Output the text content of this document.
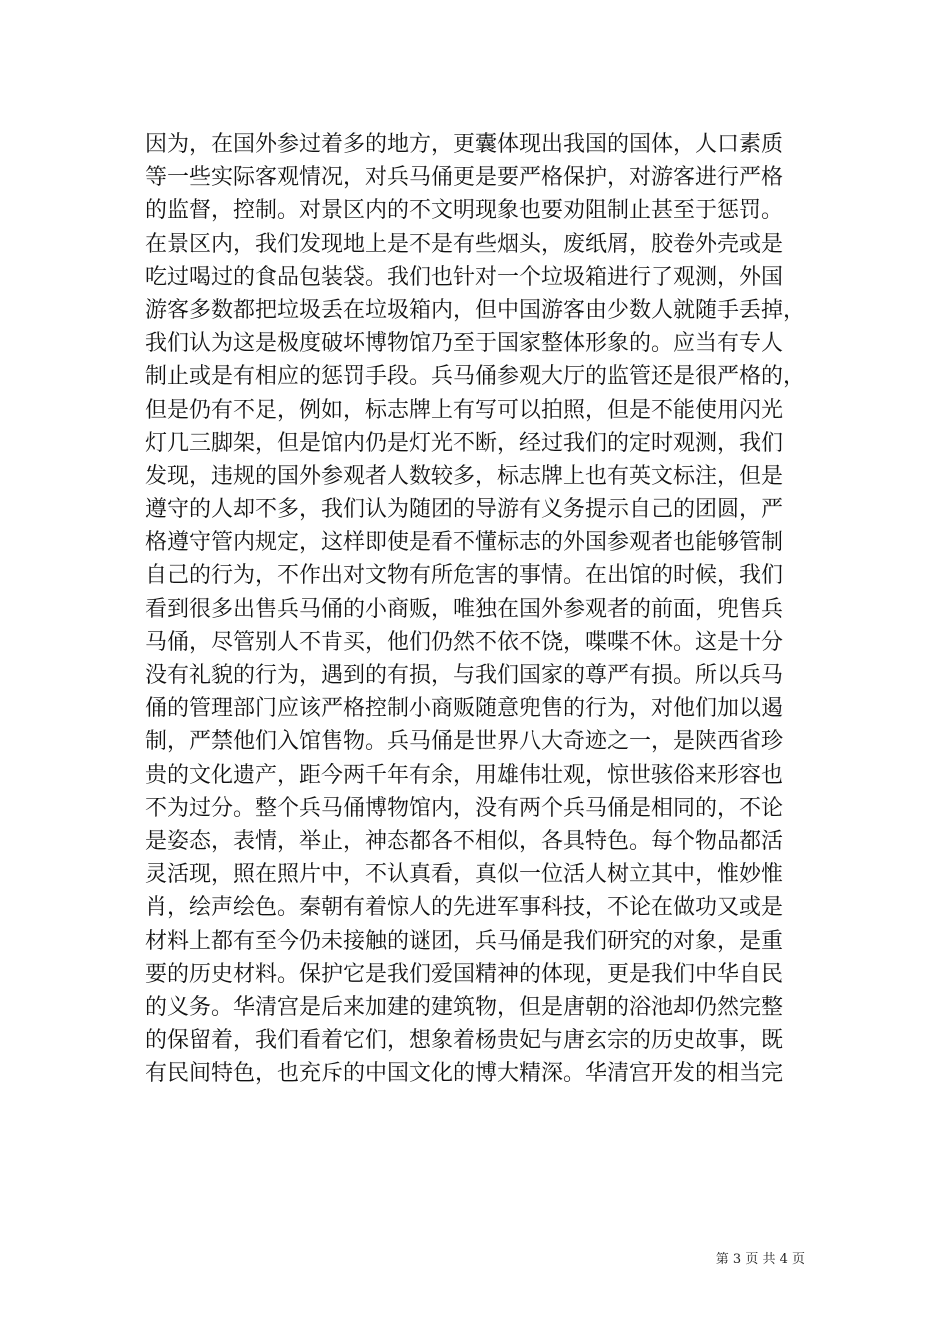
因为，在国外参过着多的地方，更囊体现出我国的国体，人口素质
等一些实际客观情况，对兵马俑更是要严格保护，对游客进行严格
的监督，控制。对景区内的不文明现象也要劝阻制止甚至于惩罚。
在景区内，我们发现地上是不是有些烟头，废纸屑，胶卷外壳或是
吃过喝过的食品包装袋。我们也针对一个垃圾箱进行了观测，外国
游客多数都把垃圾丢在垃圾箱内，但中国游客由少数人就随手丢掉，
我们认为这是极度破坏博物馆乃至于国家整体形象的。应当有专人
制止或是有相应的惩罚手段。兵马俑参观大厅的监管还是很严格的，
但是仍有不足，例如，标志牌上有写可以拍照，但是不能使用闪光
灯几三脚架，但是馆内仍是灯光不断，经过我们的定时观测，我们
发现，违规的国外参观者人数较多，标志牌上也有英文标注，但是
遵守的人却不多，我们认为随团的导游有义务提示自己的团圆，严
格遵守管内规定，这样即使是看不懂标志的外国参观者也能够管制
自己的行为，不作出对文物有所危害的事情。在出馆的时候，我们
看到很多出售兵马俑的小商贩，唯独在国外参观者的前面，兜售兵
马俑，尽管别人不肯买，他们仍然不依不饶，喋喋不休。这是十分
没有礼貌的行为，遇到的有损，与我们国家的尊严有损。所以兵马
俑的管理部门应该严格控制小商贩随意兜售的行为，对他们加以遏
制，严禁他们入馆售物。兵马俑是世界八大奇迹之一，是陕西省珍
贵的文化遗产，距今两千年有余，用雄伟壮观，惊世骇俗来形容也
不为过分。整个兵马俑博物馆内，没有两个兵马俑是相同的，不论
是姿态，表情，举止，神态都各不相似，各具特色。每个物品都活
灵活现，照在照片中，不认真看，真似一位活人树立其中，惟妙惟
肖，绘声绘色。秦朝有着惊人的先进军事科技，不论在做功又或是
材料上都有至今仍未接触的谜团，兵马俑是我们研究的对象，是重
要的历史材料。保护它是我们爱国精神的体现，更是我们中华自民
的义务。华清宫是后来加建的建筑物，但是唐朝的浴池却仍然完整
的保留着，我们看着它们，想象着杨贵妃与唐玄宗的历史故事，既
有民间特色，也充斥的中国文化的博大精深。华清宫开发的相当完
第 3 页 共 4 页
